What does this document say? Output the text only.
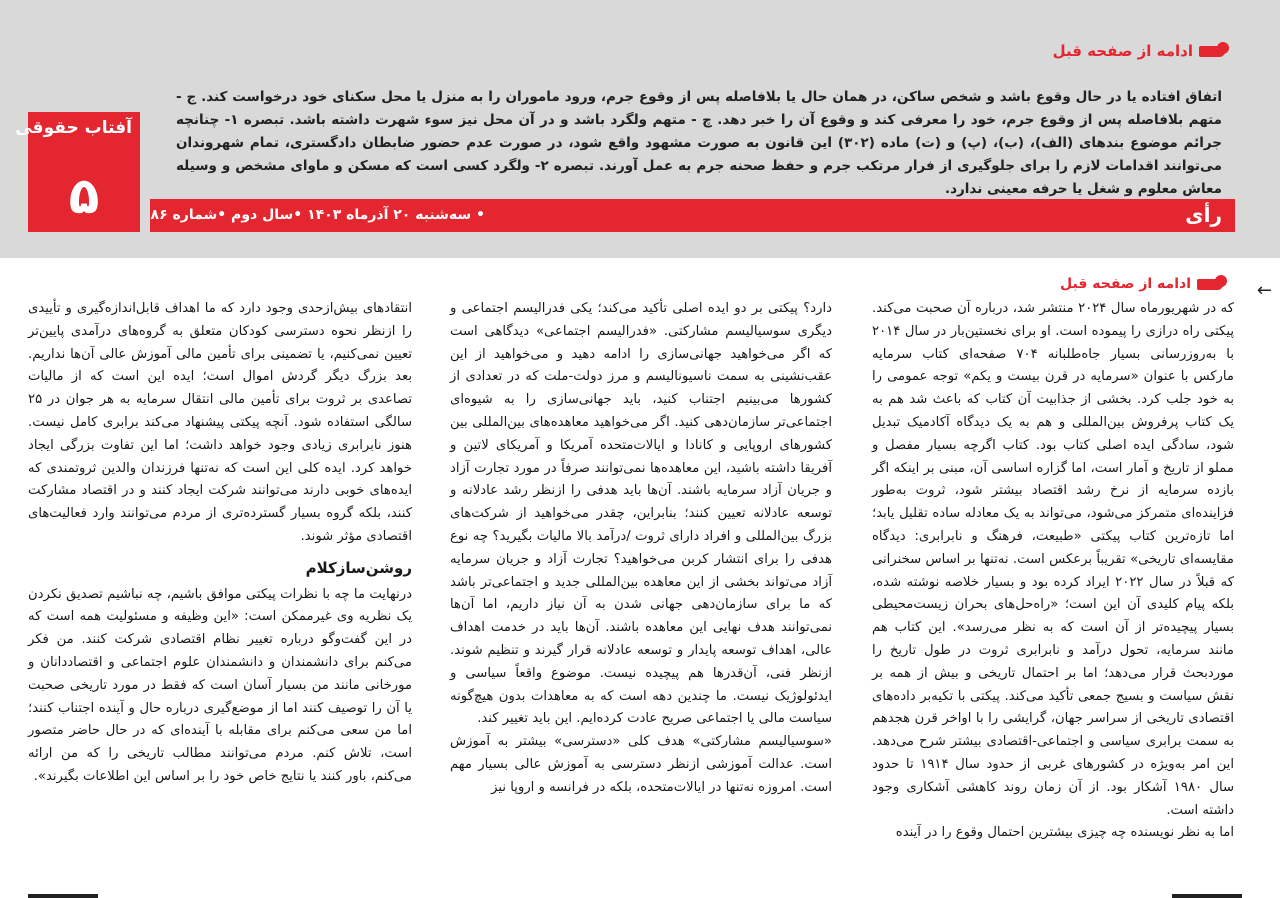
ادامه از صفحه قبل
اتفاق افتاده یا در حال وقوع باشد و شخص ساکن، در همان حال یا بلافاصله پس از وقوع جرم، ورود ماموران را به منزل یا محل سکنای خود درخواست کند. ج - متهم بلافاصله پس از وقوع جرم، خود را معرفی کند و وقوع آن را خبر دهد. چ - متهم ولگرد باشد و در آن محل نیز سوء شهرت داشته باشد. تبصره ۱- چنانچه جرائم موضوع بندهای (الف)، (ب)، (پ) و (ت) ماده (۳۰۲) این قانون به صورت مشهود واقع شود، در صورت عدم حضور ضابطان دادگستری، تمام شهروندان می‌توانند اقدامات لازم را برای جلوگیری از فرار مرتکب جرم و حفظ صحنه جرم به عمل آورند. تبصره ۲- ولگرد کسی است که مسکن و ماوای مشخص و وسیله معاش معلوم و شغل یا حرفه معینی ندارد.
رأی
• سه‌شنبه ۲۰ آذرماه ۱۴۰۳ •سال دوم •شماره ۸۶
آفتاب حقوقی
۵
←
ادامه از صفحه قبل

که در شهریورماه سال ۲۰۲۴ منتشر شد، درباره آن صحبت می‌کند. پیکتی راه درازی را پیموده است. او برای نخستین‌بار در سال ۲۰۱۴ با به‌روزرسانی بسیار جاه‌طلبانه ۷۰۴ صفحه‌ای کتاب سرمایه مارکس با عنوان «سرمایه در قرن بیست و یکم» توجه عمومی را به خود جلب کرد. بخشی از جذابیت آن کتاب که باعث شد هم به یک کتاب پرفروش بین‌المللی و هم به یک دیدگاه آکادمیک تبدیل شود، سادگی ایده اصلی کتاب بود. کتاب اگرچه بسیار مفصل و مملو از تاریخ و آمار است، اما گزاره اساسی آن، مبنی بر اینکه اگر بازده سرمایه از نرخ رشد اقتصاد بیشتر شود، ثروت به‌طور فزاینده‌ای متمرکز می‌شود، می‌تواند به یک معادله ساده تقلیل یابد؛ اما تازه‌ترین کتاب پیکتی «طبیعت، فرهنگ و نابرابری: دیدگاه مقایسه‌ای تاریخی» تقریباً برعکس است. نه‌تنها بر اساس سخنرانی که قبلاً در سال ۲۰۲۲ ایراد کرده بود و بسیار خلاصه نوشته شده، بلکه پیام کلیدی آن این است؛ «راه‌حل‌های بحران زیست‌محیطی بسیار پیچیده‌تر از آن است که به نظر می‌رسد». این کتاب هم مانند سرمایه، تحول درآمد و نابرابری ثروت در طول تاریخ را موردبحث قرار می‌دهد؛ اما بر احتمال تاریخی و بیش از همه بر نقش سیاست و بسیج جمعی تأکید می‌کند. پیکتی با تکیه‌بر داده‌های اقتصادی تاریخی از سراسر جهان، گرایشی را با اواخر قرن هجدهم به سمت برابری سیاسی و اجتماعی-اقتصادی بیشتر شرح می‌دهد. این امر به‌ویژه در کشورهای غربی از حدود سال ۱۹۱۴ تا حدود سال ۱۹۸۰ آشکار بود. از آن زمان روند کاهشی آشکاری وجود داشته است.

اما به نظر نویسنده چه چیزی بیشترین احتمال وقوع را در آینده

دارد؟ پیکتی بر دو ایده اصلی تأکید می‌کند؛ یکی فدرالیسم اجتماعی و دیگری سوسیالیسم مشارکتی. «فدرالیسم اجتماعی» دیدگاهی است که اگر می‌خواهید جهانی‌سازی را ادامه دهید و می‌خواهید از این عقب‌نشینی به سمت ناسیونالیسم و مرز دولت-ملت که در تعدادی از کشورها می‌بینیم اجتناب کنید، باید جهانی‌سازی را به شیوه‌ای اجتماعی‌تر سازمان‌دهی کنید. اگر می‌خواهید معاهده‌های بین‌المللی بین کشورهای اروپایی و کانادا و ایالات‌متحده آمریکا و آمریکای لاتین و آفریقا داشته باشید، این معاهده‌ها نمی‌توانند صرفاً در مورد تجارت آزاد و جریان آزاد سرمایه باشند. آن‌ها باید هدفی را ازنظر رشد عادلانه و توسعه عادلانه تعیین کنند؛ بنابراین، چقدر می‌خواهید از شرکت‌های بزرگ بین‌المللی و افراد دارای ثروت /درآمد بالا مالیات بگیرید؟ چه نوع هدفی را برای انتشار کربن می‌خواهید؟ تجارت آزاد و جریان سرمایه آزاد می‌تواند بخشی از این معاهده بین‌المللی جدید و اجتماعی‌تر باشد که ما برای سازمان‌دهی جهانی شدن به آن نیاز داریم، اما آن‌ها نمی‌توانند هدف نهایی این معاهده باشند. آن‌ها باید در خدمت اهداف عالی، اهداف توسعه پایدار و توسعه عادلانه قرار گیرند و تنظیم شوند. ازنظر فنی، آن‌قدرها هم پیچیده نیست. موضوع واقعاً سیاسی و ایدئولوژیک نیست. ما چندین دهه است که به معاهدات بدون هیچ‌گونه سیاست مالی یا اجتماعی صریح عادت کرده‌ایم. این باید تغییر کند.

«سوسیالیسم مشارکتی» هدف کلی «دسترسی» بیشتر به آموزش است. عدالت آموزشی ازنظر دسترسی به آموزش عالی بسیار مهم است. امروزه نه‌تنها در ایالات‌متحده، بلکه در فرانسه و اروپا نیز

انتقادهای بیش‌ازحدی وجود دارد که ما اهداف قابل‌اندازه‌گیری و تأییدی را ازنظر نحوه دسترسی کودکان متعلق به گروه‌های درآمدی پایین‌تر تعیین نمی‌کنیم، یا تضمینی برای تأمین مالی آموزش عالی آن‌ها نداریم. بعد بزرگ دیگر گردش اموال است؛ ایده این است که از مالیات تصاعدی بر ثروت برای تأمین مالی انتقال سرمایه به هر جوان در ۲۵ سالگی استفاده شود. آنچه پیکتی پیشنهاد می‌کند برابری کامل نیست. هنوز نابرابری زیادی وجود خواهد داشت؛ اما این تفاوت بزرگی ایجاد خواهد کرد. ایده کلی این است که نه‌تنها فرزندان والدین ثروتمندی که ایده‌های خوبی دارند می‌توانند شرکت ایجاد کنند و در اقتصاد مشارکت کنند، بلکه گروه بسیار گسترده‌تری از مردم می‌توانند وارد فعالیت‌های اقتصادی مؤثر شوند.

روشن‌سازکلام

درنهایت ما چه با نظرات پیکتی موافق باشیم، چه نباشیم تصدیق نکردن یک نظریه وی غیرممکن است: «این وظیفه و مسئولیت همه است که در این گفت‌وگو درباره تغییر نظام اقتصادی شرکت کنند. من فکر می‌کنم برای دانشمندان و دانشمندان علوم اجتماعی و اقتصاددانان و مورخانی مانند من بسیار آسان است که فقط در مورد تاریخی صحبت یا آن را توصیف کنند اما از موضع‌گیری درباره حال و آینده اجتناب کنند؛ اما من سعی می‌کنم برای مقابله با آینده‌ای که در حال حاضر متصور است، تلاش کنم. مردم می‌توانند مطالب تاریخی را که من ارائه می‌کنم، باور کنند یا نتایج خاص خود را بر اساس این اطلاعات بگیرند».
